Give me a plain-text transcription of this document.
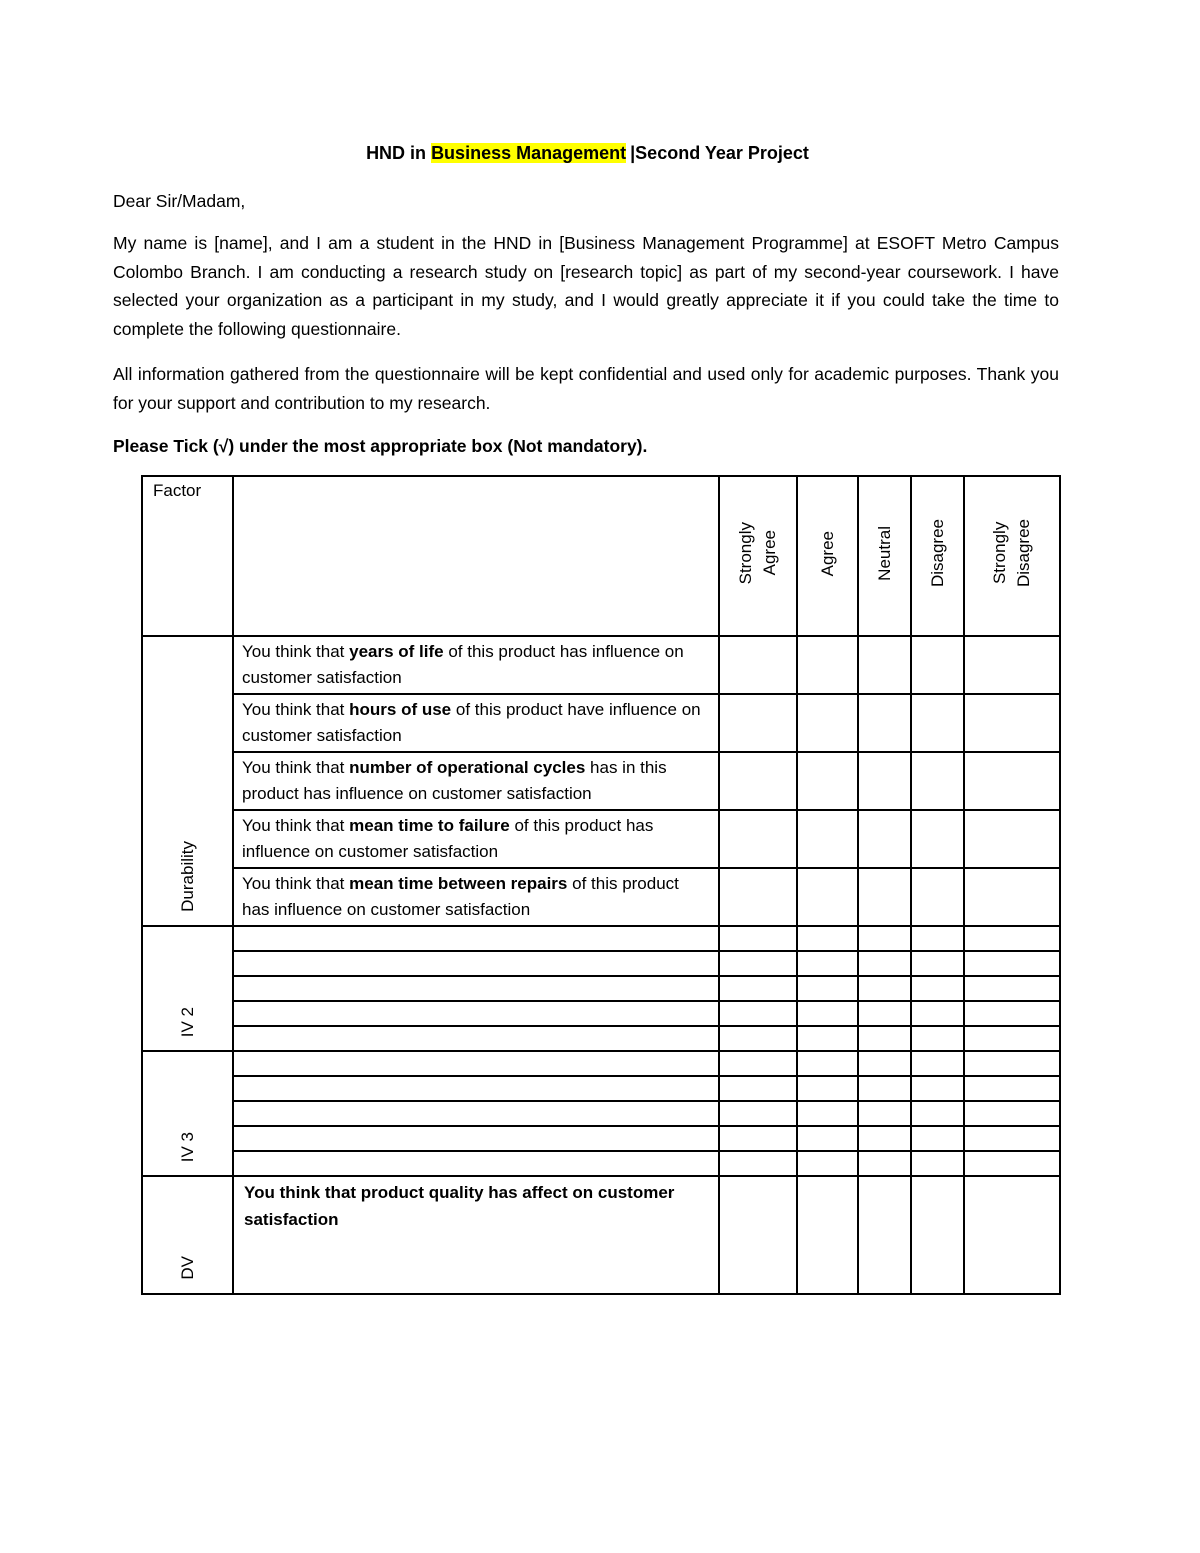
HND in Business Management |Second Year Project
Dear Sir/Madam,
My name is [name], and I am a student in the HND in [Business Management Programme] at ESOFT Metro Campus Colombo Branch. I am conducting a research study on [research topic] as part of my second-year coursework. I have selected your organization as a participant in my study, and I would greatly appreciate it if you could take the time to complete the following questionnaire.
All information gathered from the questionnaire will be kept confidential and used only for academic purposes. Thank you for your support and contribution to my research.
Please Tick (√) under the most appropriate box (Not mandatory).
Factor		Strongly Agree	Agree	Neutral	Disagree	Strongly Disagree
Durability	You think that years of life of this product has influence on customer satisfaction					
	You think that hours of use of this product have influence on customer satisfaction					
	You think that number of operational cycles has in this product has influence on customer satisfaction					
	You think that mean time to failure of this product has influence on customer satisfaction					
	You think that mean time between repairs of this product has influence on customer satisfaction					
IV 2						

IV 3						

DV	You think that product quality has affect on customer satisfaction					
